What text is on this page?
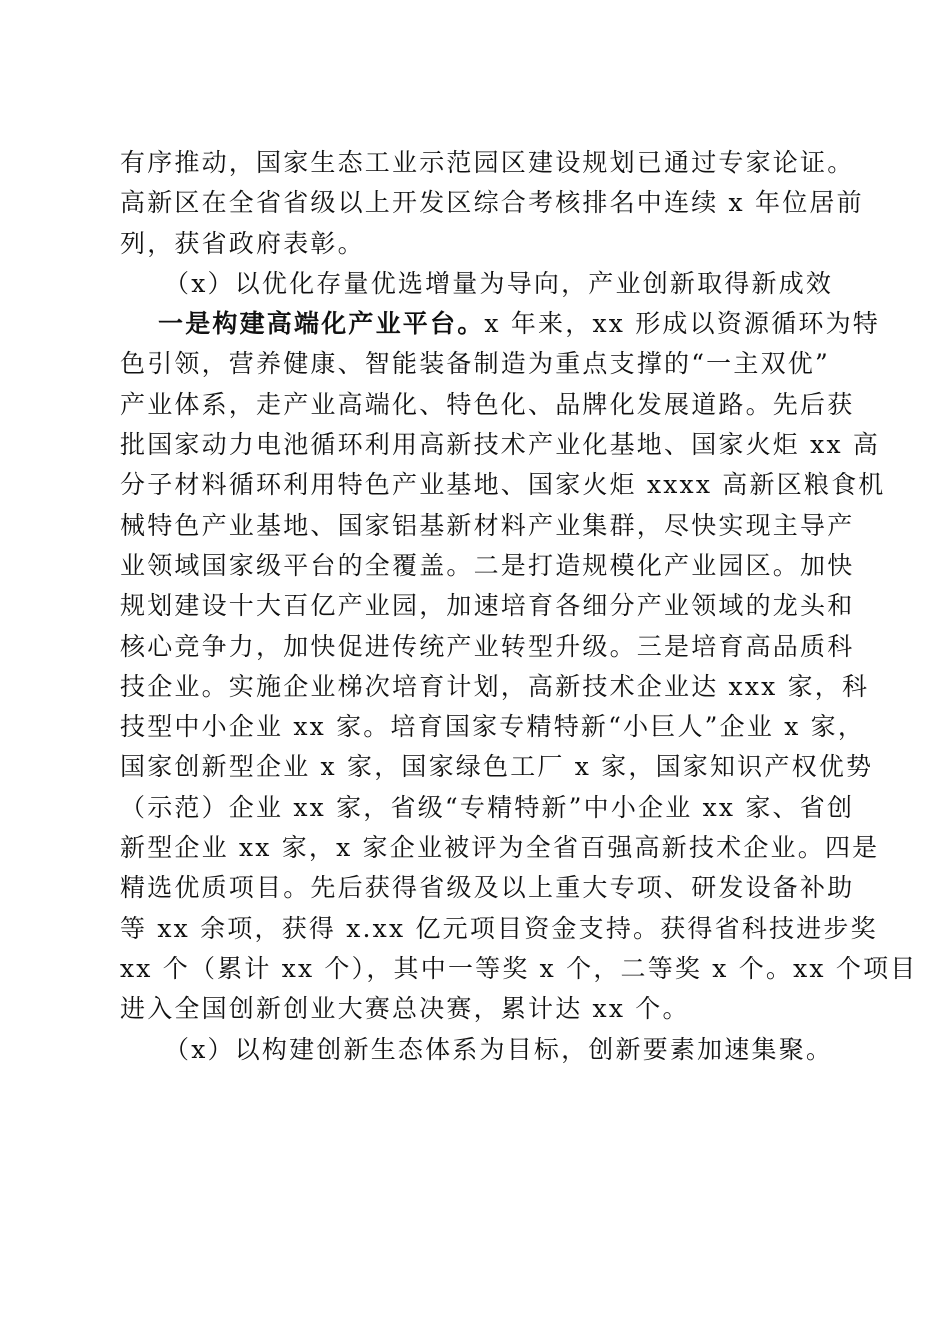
有序推动，国家生态工业示范园区建设规划已通过专家论证。
高新区在全省省级以上开发区综合考核排名中连续 x 年位居前
列，获省政府表彰。
（x）以优化存量优选增量为导向，产业创新取得新成效
一是构建高端化产业平台。x 年来，xx 形成以资源循环为特
色引领，营养健康、智能装备制造为重点支撑的“一主双优”
产业体系，走产业高端化、特色化、品牌化发展道路。先后获
批国家动力电池循环利用高新技术产业化基地、国家火炬 xx 高
分子材料循环利用特色产业基地、国家火炬 xxxx 高新区粮食机
械特色产业基地、国家铝基新材料产业集群，尽快实现主导产
业领域国家级平台的全覆盖。二是打造规模化产业园区。加快
规划建设十大百亿产业园，加速培育各细分产业领域的龙头和
核心竞争力，加快促进传统产业转型升级。三是培育高品质科
技企业。实施企业梯次培育计划，高新技术企业达 xxx 家，科
技型中小企业 xx 家。培育国家专精特新“小巨人”企业 x 家，
国家创新型企业 x 家，国家绿色工厂 x 家，国家知识产权优势
（示范）企业 xx 家，省级“专精特新”中小企业 xx 家、省创
新型企业 xx 家，x 家企业被评为全省百强高新技术企业。四是
精选优质项目。先后获得省级及以上重大专项、研发设备补助
等 xx 余项，获得 x.xx 亿元项目资金支持。获得省科技进步奖
xx 个（累计 xx 个），其中一等奖 x 个，二等奖 x 个。xx 个项目
进入全国创新创业大赛总决赛，累计达 xx 个。
（x）以构建创新生态体系为目标，创新要素加速集聚。
